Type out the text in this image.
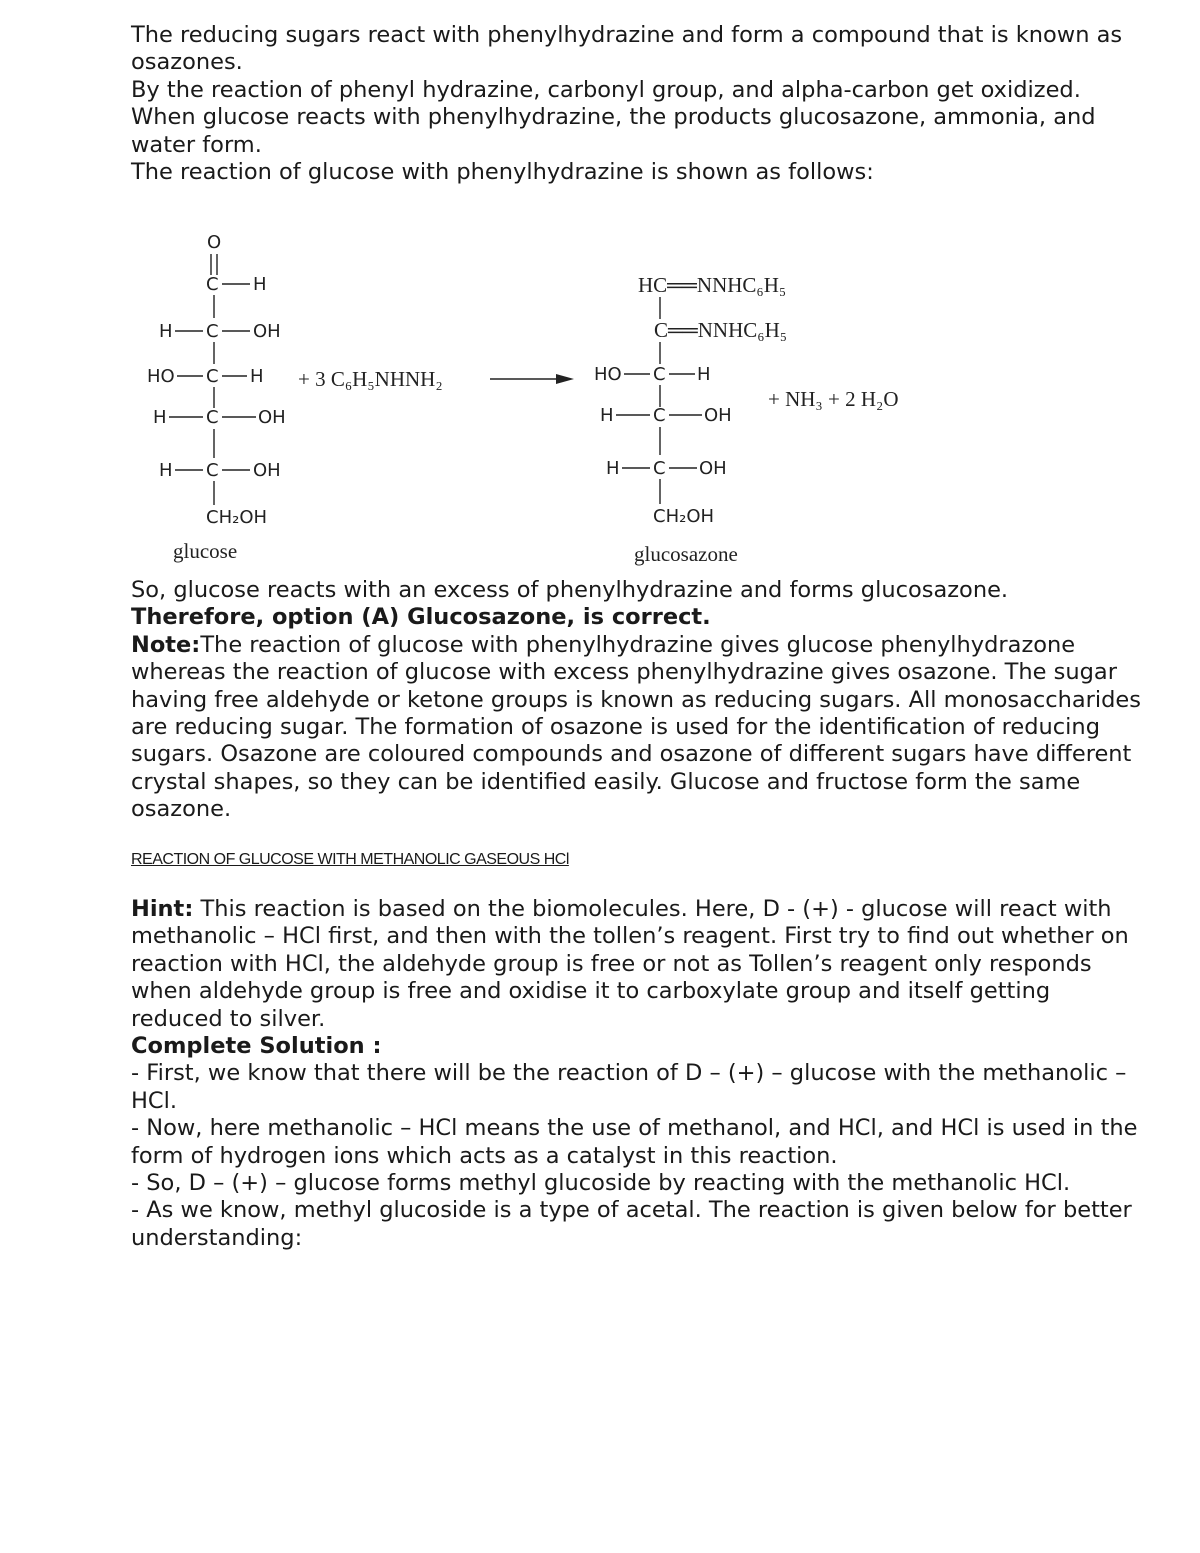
The reducing sugars react with phenylhydrazine and form a compound that is known as osazones.
By the reaction of phenyl hydrazine, carbonyl group, and alpha-carbon get oxidized.
When glucose reacts with phenylhydrazine, the products glucosazone, ammonia, and water form.
The reaction of glucose with phenylhydrazine is shown as follows:
O
C H
H C OH
HO C H
H C OH
H C OH
CH₂OH
glucose
+ 3 C₆H₅NHNH₂
HC══NNHC₆H₅
C══NNHC₆H₅
HO C H
H C OH
H C OH
CH₂OH
glucosazone
+ NH₃ + 2 H₂O
So, glucose reacts with an excess of phenylhydrazine and forms glucosazone.
Therefore, option (A) Glucosazone, is correct.
Note:The reaction of glucose with phenylhydrazine gives glucose phenylhydrazone whereas the reaction of glucose with excess phenylhydrazine gives osazone. The sugar having free aldehyde or ketone groups is known as reducing sugars. All monosaccharides are reducing sugar. The formation of osazone is used for the identification of reducing sugars. Osazone are coloured compounds and osazone of different sugars have different crystal shapes, so they can be identified easily. Glucose and fructose form the same osazone.
REACTION OF GLUCOSE WITH METHANOLIC GASEOUS HCl
Hint: This reaction is based on the biomolecules. Here, D - (+) - glucose will react with methanolic – HCl first, and then with the tollen’s reagent. First try to find out whether on reaction with HCl, the aldehyde group is free or not as Tollen’s reagent only responds when aldehyde group is free and oxidise it to carboxylate group and itself getting reduced to silver.
Complete Solution :
- First, we know that there will be the reaction of D – (+) – glucose with the methanolic – HCl.
- Now, here methanolic – HCl means the use of methanol, and HCl, and HCl is used in the form of hydrogen ions which acts as a catalyst in this reaction.
- So, D – (+) – glucose forms methyl glucoside by reacting with the methanolic HCl.
- As we know, methyl glucoside is a type of acetal. The reaction is given below for better understanding:
